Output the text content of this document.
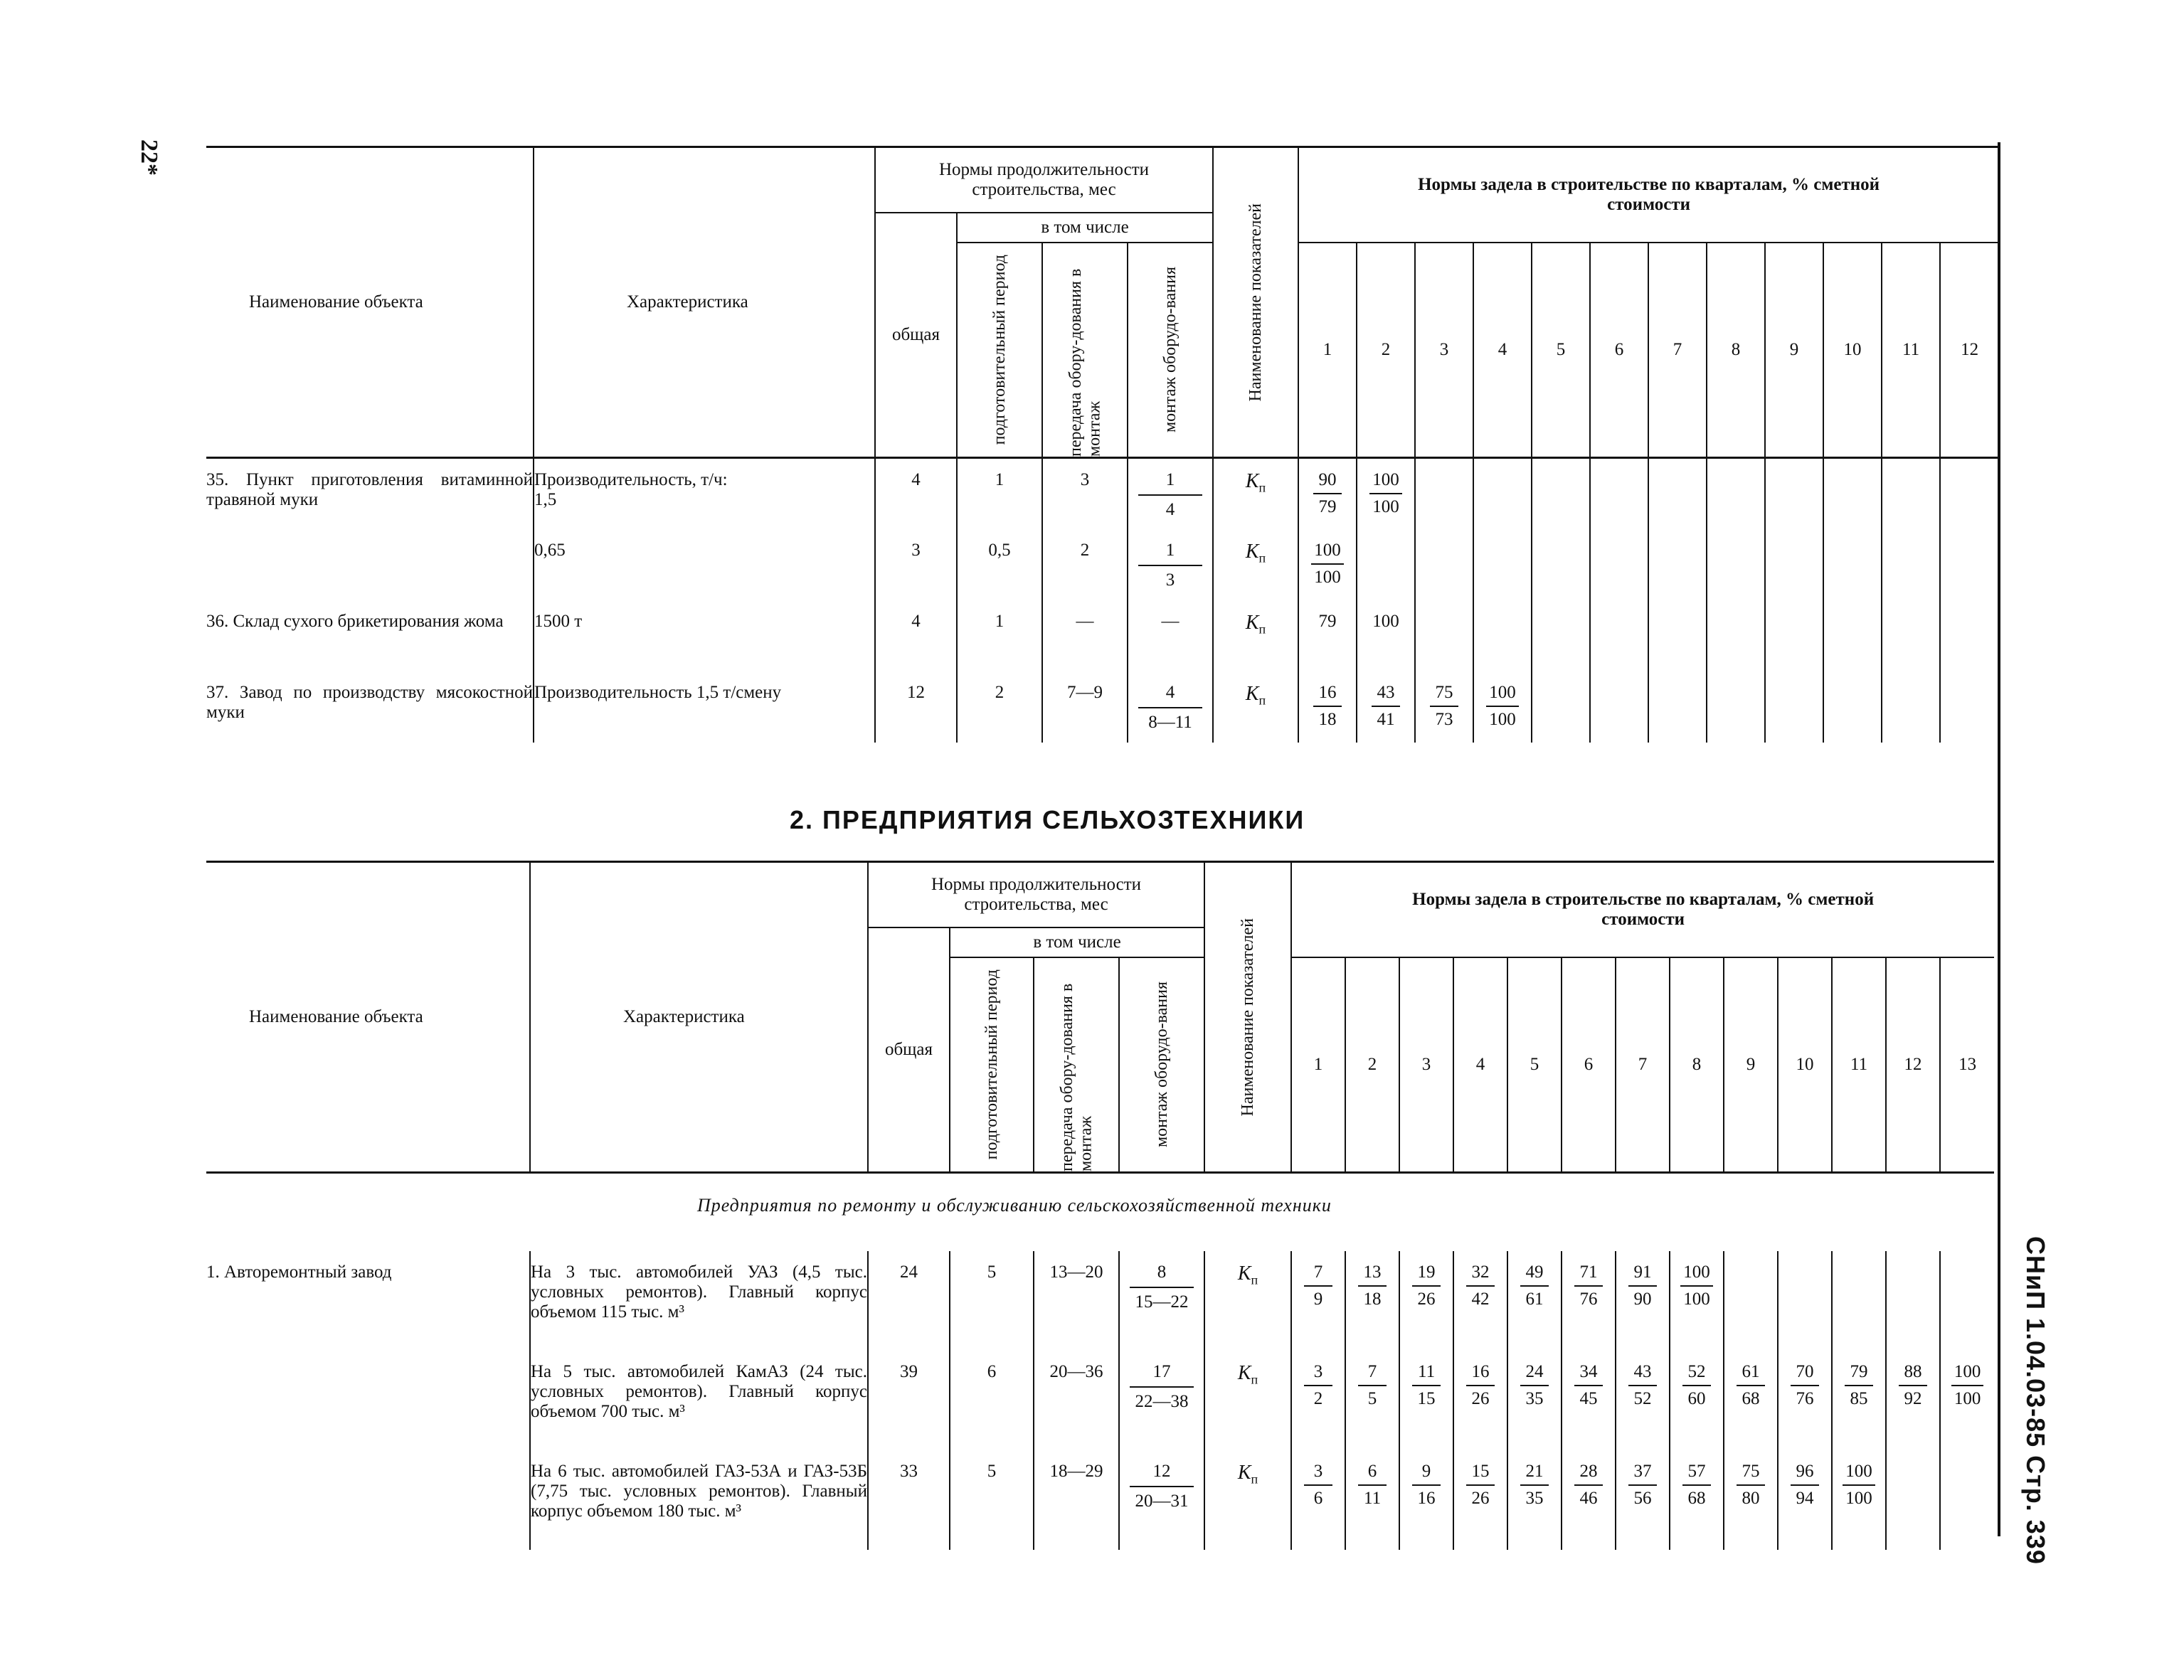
22*
СНиП 1.04.03-85 Стр. 339
Наименование объекта	Характеристика	Нормы продолжительности строительства, мес				Наименование показателей	Нормы задела в строительстве по кварталам, % сметной стоимости											
		общая	в том числе															

			подготовительный период	передача обору-дования в монтаж	монтаж оборудо-вания		1	2	3	4	5	6	7	8	9	10	11	12
35. Пункт приготовления витаминной травяной муки	Производительность, т/ч:
1,5	4	1	3	$\frac{1}{4}$	$К_п$	$\frac{90}{79}$	$\frac{100}{100}$

	0,65	3	0,5	2	$\frac{1}{3}$	$К_п$	$\frac{100}{100}$

36. Склад сухого брикетирования жома	1500 т	4	1	—	—	$К_п$	79	100										
37. Завод по производству мясокостной муки	Производительность 1,5 т/смену	12	2	7—9	$\frac{4}{8—11}$	$К_п$	$\frac{16}{18}$	$\frac{43}{41}$	$\frac{75}{73}$	$\frac{100}{100}$

2. ПРЕДПРИЯТИЯ СЕЛЬХОЗТЕХНИКИ
Наименование объекта	Характеристика	Нормы продолжительности строительства, мес				Наименование показателей	Нормы задела в строительстве по кварталам, % сметной стоимости												
		общая	в том числе																

			подготовительный период	передача обору-дования в монтаж	монтаж оборудо-вания		1	2	3	4	5	6	7	8	9	10	11	12	13

1. Авторемонтный завод	На 3 тыс. автомобилей УАЗ (4,5 тыс. условных ремонтов). Главный корпус объемом 115 тыс. м³	24	5	13—20	$\frac{8}{15—22}$	$К_п$	$\frac{7}{9}$	$\frac{13}{18}$	$\frac{19}{26}$	$\frac{32}{42}$	$\frac{49}{61}$	$\frac{71}{76}$	$\frac{91}{90}$	$\frac{100}{100}$

	На 5 тыс. автомобилей КамАЗ (24 тыс. условных ремонтов). Главный корпус объемом 700 тыс. м³	39	6	20—36	$\frac{17}{22—38}$	$К_п$	$\frac{3}{2}$	$\frac{7}{5}$	$\frac{11}{15}$	$\frac{16}{26}$	$\frac{24}{35}$	$\frac{34}{45}$	$\frac{43}{52}$	$\frac{52}{60}$	$\frac{61}{68}$	$\frac{70}{76}$	$\frac{79}{85}$	$\frac{88}{92}$	$\frac{100}{100}$

	На 6 тыс. автомобилей ГАЗ-53А и ГАЗ-53Б (7,75 тыс. условных ремонтов). Главный корпус объемом 180 тыс. м³	33	5	18—29	$\frac{12}{20—31}$	$К_п$	$\frac{3}{6}$	$\frac{6}{11}$	$\frac{9}{16}$	$\frac{15}{26}$	$\frac{21}{35}$	$\frac{28}{46}$	$\frac{37}{56}$	$\frac{57}{68}$	$\frac{75}{80}$	$\frac{96}{94}$	$\frac{100}{100}$

Предприятия по ремонту и обслуживанию сельскохозяйственной техники
